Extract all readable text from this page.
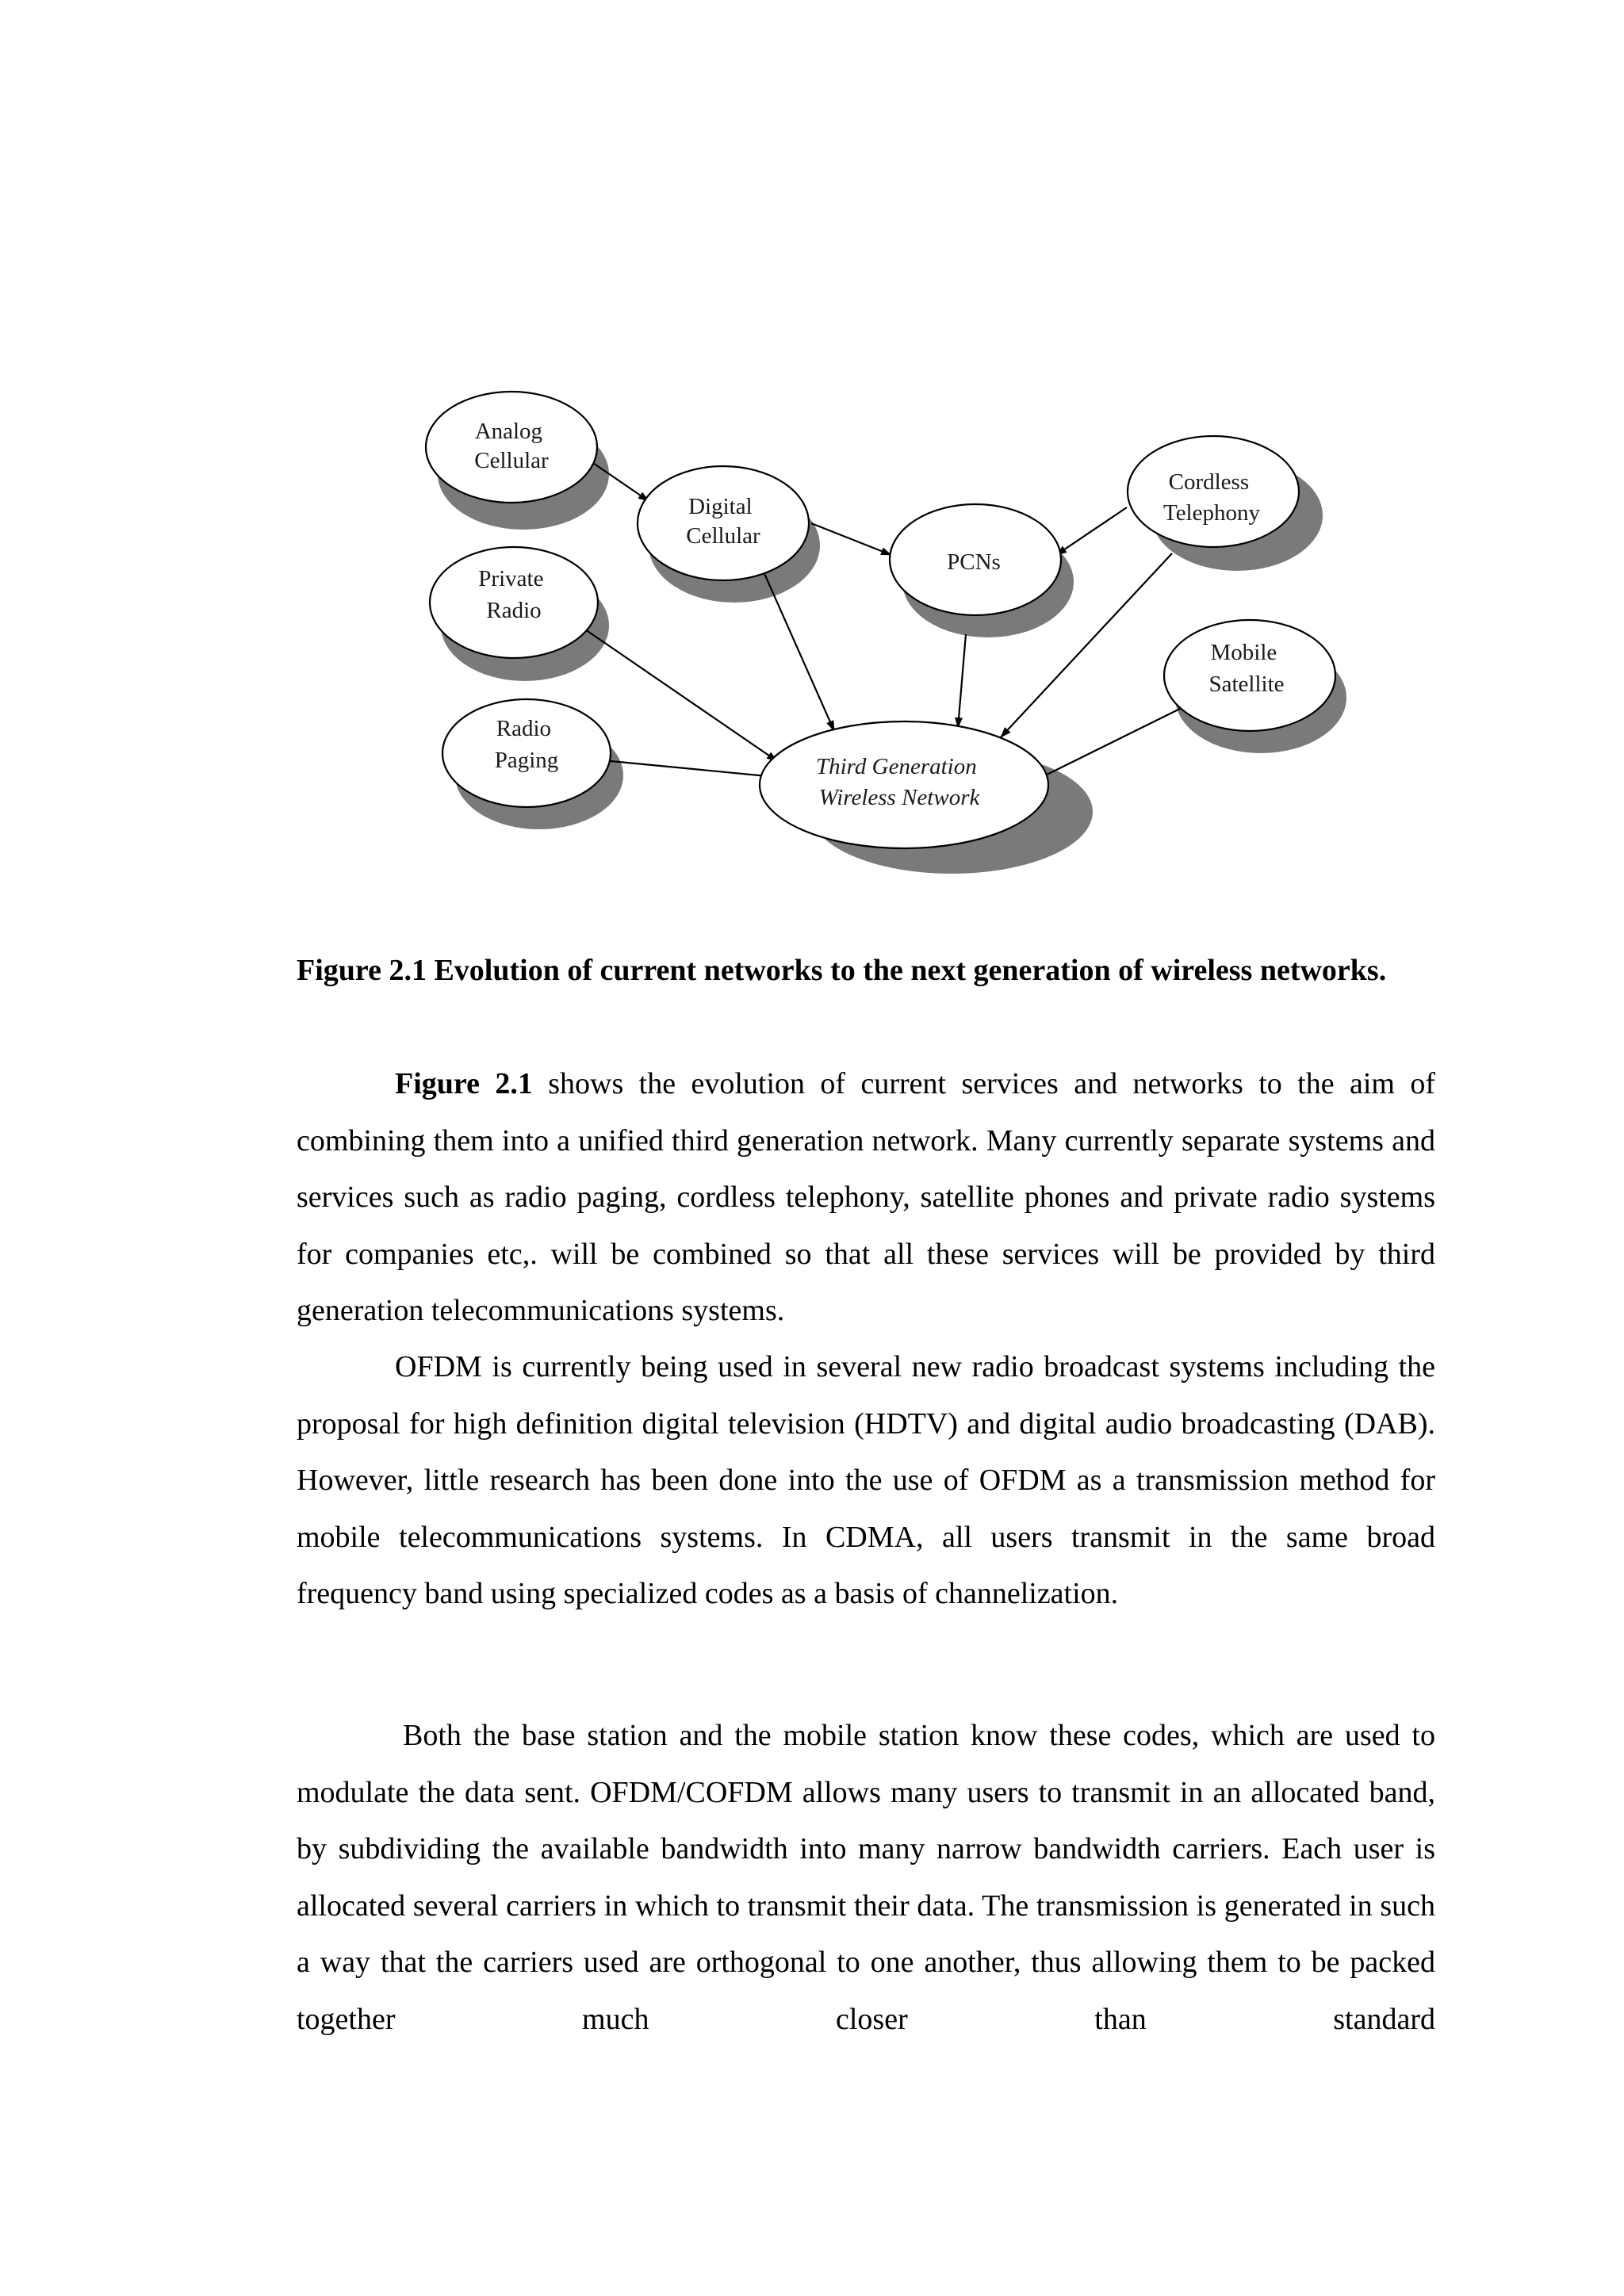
Analog Cellular
Private Radio
Radio Paging
Digital Cellular
PCNs
Cordless Telephony
Mobile Satellite
Third Generation Wireless Network
Figure 2.1 Evolution of current networks to the next generation of wireless networks.

Figure 2.1 shows the evolution of current services and networks to the aim of combining them into a unified third generation network. Many currently separate systems and services such as radio paging, cordless telephony, satellite phones and private radio systems for companies etc,. will be combined so that all these services will be provided by third generation telecommunications systems.

OFDM is currently being used in several new radio broadcast systems including the proposal for high definition digital television (HDTV) and digital audio broadcasting (DAB). However, little research has been done into the use of OFDM as a transmission method for mobile telecommunications systems. In CDMA, all users transmit in the same broad frequency band using specialized codes as a basis of channelization.

Both the base station and the mobile station know these codes, which are used to modulate the data sent. OFDM/COFDM allows many users to transmit in an allocated band, by subdividing the available bandwidth into many narrow bandwidth carriers. Each user is allocated several carriers in which to transmit their data. The transmission is generated in such a way that the carriers used are orthogonal to one another, thus allowing them to be packed together much closer than standard
